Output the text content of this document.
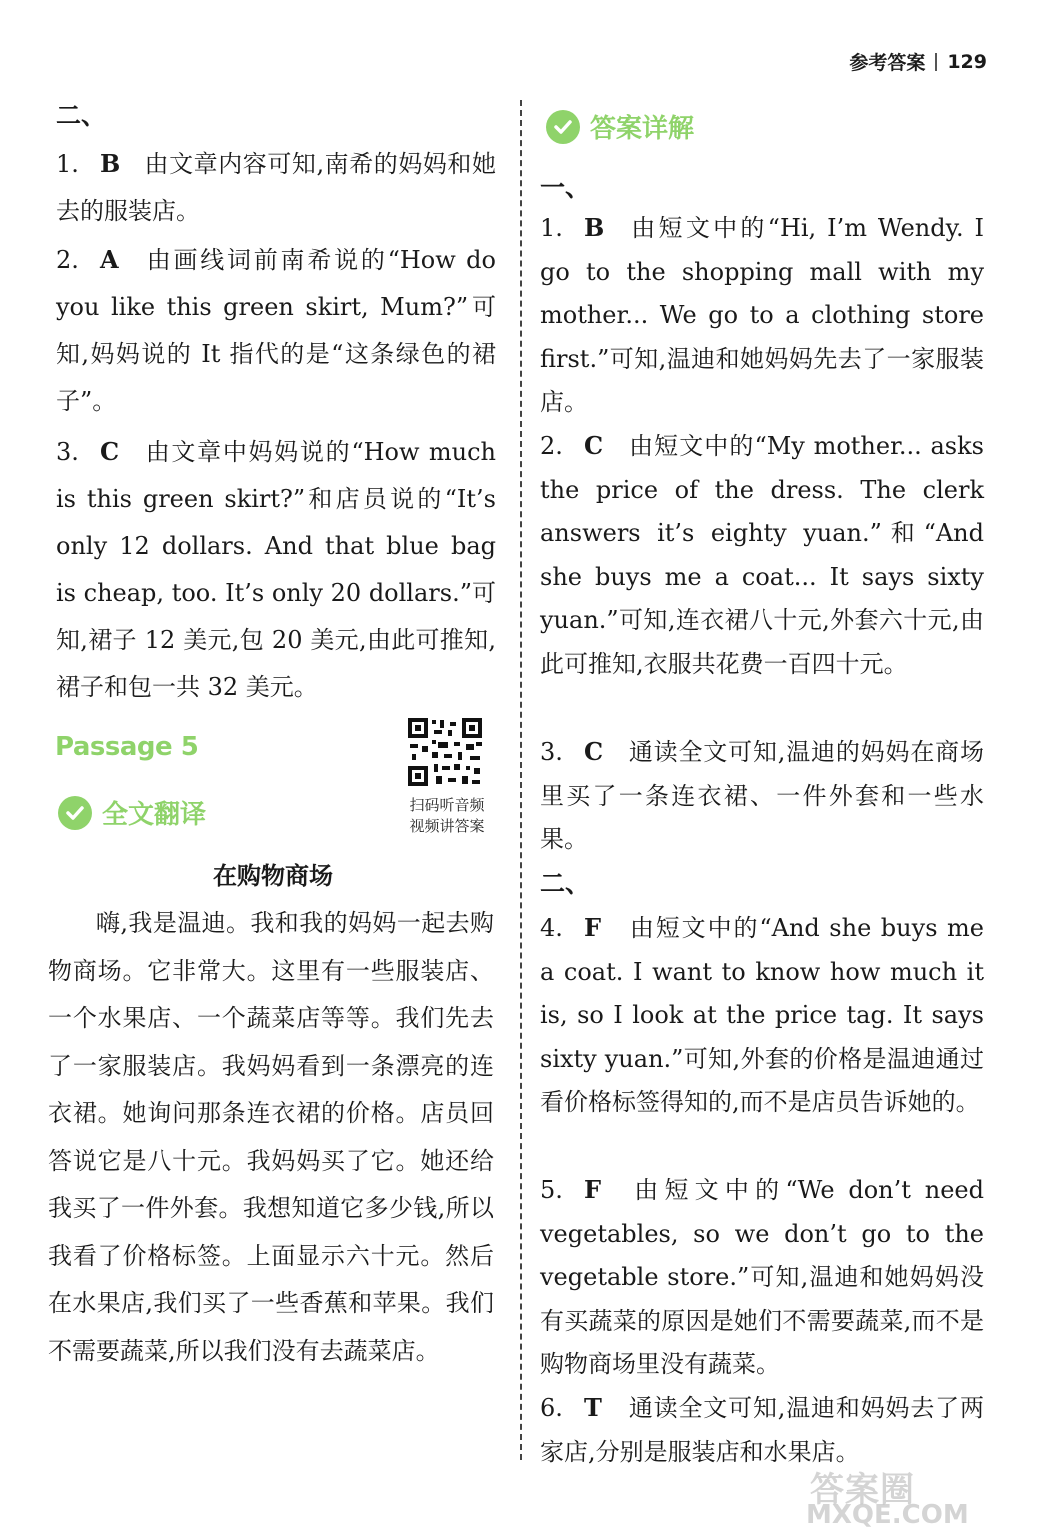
参考答案 129
二、
1. B 由文章内容可知,南希的妈妈和她去的服装店。
2. A 由画线词前南希说的“How do you like this green skirt, Mum?”可知,妈妈说的 It 指代的是“这条绿色的裙子”。
3. C 由文章中妈妈说的“How much is this green skirt?”和店员说的“It’s only 12 dollars. And that blue bag is cheap, too. It’s only 20 dollars.”可知,裙子 12 美元,包 20 美元,由此可推知,裙子和包一共 32 美元。
Passage 5
全文翻译	扫码听音频
视频讲答案
在购物商场

嗨,我是温迪。我和我的妈妈一起去购物商场。它非常大。这里有一些服装店、一个水果店、一个蔬菜店等等。我们先去了一家服装店。我妈妈看到一条漂亮的连衣裙。她询问那条连衣裙的价格。店员回答说它是八十元。我妈妈买了它。她还给我买了一件外套。我想知道它多少钱,所以我看了价格标签。上面显示六十元。然后在水果店,我们买了一些香蕉和苹果。我们不需要蔬菜,所以我们没有去蔬菜店。

答案详解
一、
1. B 由短文中的“Hi, I’m Wendy. I go to the shopping mall with my mother... We go to a clothing store first.”可知,温迪和她妈妈先去了一家服装店。
2. C 由短文中的“My mother... asks the price of the dress. The clerk answers it’s eighty yuan.”和“And she buys me a coat... It says sixty yuan.”可知,连衣裙八十元,外套六十元,由此可推知,衣服共花费一百四十元。
3. C 通读全文可知,温迪的妈妈在商场里买了一条连衣裙、一件外套和一些水果。
二、
4. F 由短文中的“And she buys me a coat. I want to know how much it is, so I look at the price tag. It says sixty yuan.”可知,外套的价格是温迪通过看价格标签得知的,而不是店员告诉她的。
5. F 由短文中的“We don’t need vegetables, so we don’t go to the vegetable store.”可知,温迪和她妈妈没有买蔬菜的原因是她们不需要蔬菜,而不是购物商场里没有蔬菜。
6. T 通读全文可知,温迪和妈妈去了两家店,分别是服装店和水果店。
答案圈
MXQE.COM
